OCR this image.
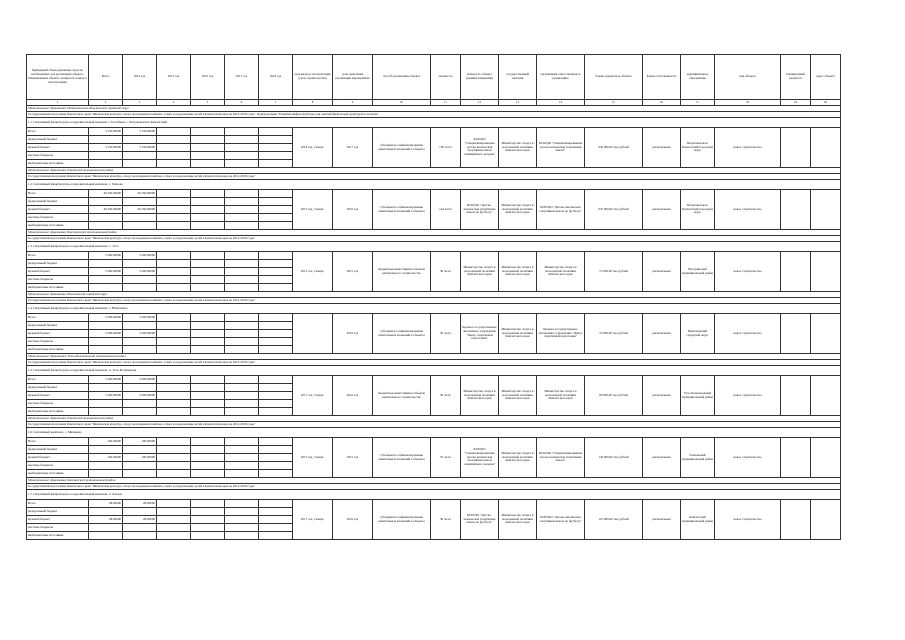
Примерный объем денежных средств, необходимых для реализации объекта, Наименование объекта, мощность и ввод в эксплуатацию	Всего	2014 год	2015 год	2016 год	2017 год	2018 год	срок ввода в эксплуатацию (срок строительства)	срок окончания реализации мероприятия	способ реализации объекта	мощность	мощность объекта (единиц измерения)	государственный заказчик	организация ответственная за реализацию	балансодержатель объекта	форма собственности	муниципальное образование	вид объекта	планируемый результат	адрес объекта
1	2	3	4	5	6	7	8	9	10	11	12	13	14	15	16	17	18	19	20
Муниципальное образование Петропавловск-Камчатский городской округ																			
Государственная программа Камчатского края "Физическая культура, спорт, молодежная политика, отдых и оздоровление детей в Камчатском крае на 2014-2018 годы". Подпрограмма "Развитие инфраструктуры для занятий физической культурой и спортом"																			
1.1 Спортивный физкультурно-оздоровительный комплекс с бассейном, г. Петропавловск-Камчатский																			
Всего	3 150,00000	3 150,00000					2018 год, 2 кварт.	2017 год	субсидии на софинансирование капитальных вложений в объекты	150 чел/ч	КГАУДО "Специализированная детско-юношеская спортивная школа олимпийского резерва"	Министерство спорта и молодежной политики Камчатского края	КГАУДО "Специализированная детско-юношеская спортивная школа"	650 000,00 тыс.рублей	региональная	Петропавловск-Камчатский городской округ	новое строительство		
федеральный бюджет																			
краевой бюджет	3 150,00000	3 150,00000																	
местные бюджеты																			
внебюджетные источники																			
Муниципальное образование Елизовский муниципальный район																			
Государственная программа Камчатского края "Физическая культура, спорт, молодежная политика, отдых и оздоровление детей в Камчатском крае на 2014-2018 годы"																			
1.2 Спортивный физкультурно-оздоровительный комплекс, г. Елизово																			
Всего	46 250,00000	46 250,00000					2015 год, 3 кварт.	2016 год	субсидии на софинансирование капитальных вложений в объекты	144 чел/ч	КГБУДО "Детско-юношеская спортивная школа по футболу"	Министерство спорта и молодежной политики Камчатского края	КГБУДО "Детско-юношеская спортивная школа по футболу"	647 000,00 тыс.рублей	региональная	Петропавловск-Камчатский городской округ	новое строительство		
федеральный бюджет																			
краевой бюджет	46 250,00000	46 250,00000																	
местные бюджеты																			
внебюджетные источники																			
Муниципальное образование Быстринский муниципальный район																			
Государственная программа Камчатского края "Физическая культура, спорт, молодежная политика, отдых и оздоровление детей в Камчатском крае на 2014-2018 годы"																			
1.3 Спортивный физкультурно-оздоровительный комплекс, с. Эссо																			
Всего	5 200,00000	5 200,00000					2015 год, 2 кварт.	2015 год	бюджетные инвестиции в объекты капитального строительства	30 чел/ч	Министерство спорта и молодежной политики Камчатского края	Министерство спорта и молодежной политики Камчатского края	Министерство спорта и молодежной политики Камчатского края	73 000,00 тыс.рублей	региональная	Быстринский муниципальный район	новое строительство		
федеральный бюджет																			
краевой бюджет	5 200,00000	5 200,00000																	
местные бюджеты																			
внебюджетные источники																			
Муниципальное образование Вилючинский городской округ																			
Государственная программа Камчатского края "Физическая культура, спорт, молодежная политика, отдых и оздоровление детей в Камчатском крае на 2014-2018 годы"																			
1.4 Спортивный физкультурно-оздоровительный комплекс, г. Вилючинск																			
Всего	3 500,00000	3 500,00000						2016 год	субсидии на софинансирование капитальных вложений в объекты	30 чел/ч	Краевое государственное автономное учреждение "Центр спортивной подготовки"	Министерство спорта и молодежной политики Камчатского края	Краевое государственное автономное учреждение "Центр спортивной подготовки"	70 000,00 тыс.рублей	региональная	Вилючинский городской округ	новое строительство		
федеральный бюджет																			
краевой бюджет	3 500,00000	3 500,00000																	
местные бюджеты																			
внебюджетные источники																			
Муниципальное образование Усть-Большерецкий муниципальный район																			
Государственная программа Камчатского края "Физическая культура, спорт, молодежная политика, отдых и оздоровление детей в Камчатском крае на 2014-2018 годы"																			
1.5 Спортивный физкультурно-оздоровительный комплекс, п. Усть-Большерецк																			
Всего	3 200,00000	3 200,00000					2017 год, 3 кварт.	2016 год	бюджетные инвестиции в объекты капитального строительства	30 чел/ч	Министерство спорта и молодежной политики Камчатского края	Министерство спорта и молодежной политики Камчатского края	Министерство спорта и молодежной политики Камчатского края	68 000,00 тыс.рублей	региональная	Усть-Большерецкий муниципальный район	новое строительство		
федеральный бюджет																			
краевой бюджет	3 200,00000	3 200,00000																	
местные бюджеты																			
внебюджетные источники																			
Муниципальное образование Елизовский муниципальный район																			
Государственная программа Камчатского края "Физическая культура, спорт, молодежная политика, отдых и оздоровление детей в Камчатском крае на 2014-2018 годы"																			
1.6 Спортивный комплекс, с. Мильково																			
Всего	100,00000	100,00000					2015 год, 3 кварт.	2015 год	субсидии на софинансирование капитальных вложений в объекты	55 чел/ч	КГАУДО "Специализированная детско-юношеская спортивная школа олимпийского резерва"	Министерство спорта и молодежной политики Камчатского края	КГАУДО "Специализированная детско-юношеская спортивная школа"	140 000,00 тыс.рублей	региональная	Елизовский муниципальный район	новое строительство		
федеральный бюджет																			
краевой бюджет	100,00000	100,00000																	
местные бюджеты																			
внебюджетные источники																			
Муниципальное образование Камчатский муниципальный район																			
Государственная программа Камчатского края "Физическая культура, спорт, молодежная политика, отдых и оздоровление детей в Камчатском крае на 2014-2018 годы"																			
1.7 Спортивный физкультурно-оздоровительный комплекс, п. Ключи																			
Всего	28,00000	28,00000					2017 год, 2 кварт.	2016 год	субсидии на софинансирование капитальных вложений в объекты	30 чел/ч	КГБУДО "Детско-юношеская спортивная школа по футболу"	Министерство спорта и молодежной политики Камчатского края	КГБУДО "Детско-юношеская спортивная школа по футболу"	125 000,00 тыс.рублей	региональная	Камчатский муниципальный район	новое строительство		
федеральный бюджет																			
краевой бюджет	28,00000	28,00000																	
местные бюджеты																			
внебюджетные источники																			
